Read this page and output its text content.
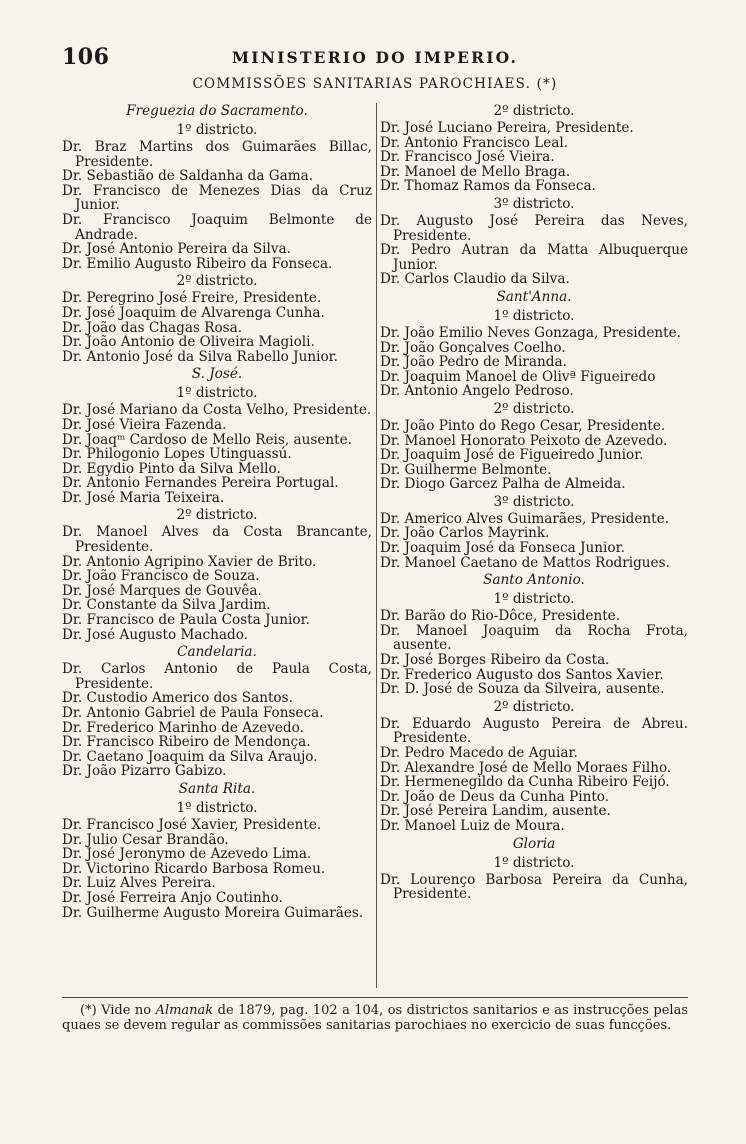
106	MINISTERIO DO IMPERIO.
COMMISSÕES SANITARIAS PAROCHIAES. (*)
Freguezia do Sacramento.
1º districto.
Dr. Braz Martins dos Guimarães Billac, Presidente.
Dr. Sebastião de Saldanha da Gama.
Dr. Francisco de Menezes Dias da Cruz Junior.
Dr. Francisco Joaquim Belmonte de Andrade.
Dr. José Antonio Pereira da Silva.
Dr. Emilio Augusto Ribeiro da Fonseca.
2º districto.
Dr. Peregrino José Freire, Presidente.
Dr. José Joaquim de Alvarenga Cunha.
Dr. João das Chagas Rosa.
Dr. João Antonio de Oliveira Magioli.
Dr. Antonio José da Silva Rabello Junior.
S. José.
1º districto.
Dr. José Mariano da Costa Velho, Presidente.
Dr. José Vieira Fazenda.
Dr. Joaqᵐ Cardoso de Mello Reis, ausente.
Dr. Philogonio Lopes Utinguassú.
Dr. Egydio Pinto da Silva Mello.
Dr. Antonio Fernandes Pereira Portugal.
Dr. José Maria Teixeira.
2º districto.
Dr. Manoel Alves da Costa Brancante, Presidente.
Dr. Antonio Agripino Xavier de Brito.
Dr. João Francisco de Souza.
Dr. José Marques de Gouvêa.
Dr. Constante da Silva Jardim.
Dr. Francisco de Paula Costa Junior.
Dr. José Augusto Machado.
Candelaria.
Dr. Carlos Antonio de Paula Costa, Presidente.
Dr. Custodio Americo dos Santos.
Dr. Antonio Gabriel de Paula Fonseca.
Dr. Frederico Marinho de Azevedo.
Dr. Francisco Ribeiro de Mendonça.
Dr. Caetano Joaquim da Silva Araujo.
Dr. João Pizarro Gabizo.
Santa Rita.
1º districto.
Dr. Francisco José Xavier, Presidente.
Dr. Julio Cesar Brandão.
Dr. José Jeronymo de Azevedo Lima.
Dr. Victorino Ricardo Barbosa Romeu.
Dr. Luiz Alves Pereira.
Dr. José Ferreira Anjo Coutinho.
Dr. Guilherme Augusto Moreira Guimarães.
2º districto.
Dr. José Luciano Pereira, Presidente.
Dr. Antonio Francisco Leal.
Dr. Francisco José Vieira.
Dr. Manoel de Mello Braga.
Dr. Thomaz Ramos da Fonseca.
3º districto.
Dr. Augusto José Pereira das Neves, Presidente.
Dr. Pedro Autran da Matta Albuquerque Junior.
Dr. Carlos Claudio da Silva.
Sant'Anna.
1º districto.
Dr. João Emilio Neves Gonzaga, Presidente.
Dr. João Gonçalves Coelho.
Dr. João Pedro de Miranda.
Dr. Joaquim Manoel de Olivª Figueiredo
Dr. Antonio Angelo Pedroso.
2º districto.
Dr. João Pinto do Rego Cesar, Presidente.
Dr. Manoel Honorato Peixoto de Azevedo.
Dr. Joaquim José de Figueiredo Junior.
Dr. Guilherme Belmonte.
Dr. Diogo Garcez Palha de Almeida.
3º districto.
Dr. Americo Alves Guimarães, Presidente.
Dr. João Carlos Mayrink.
Dr. Joaquim José da Fonseca Junior.
Dr. Manoel Caetano de Mattos Rodrigues.
Santo Antonio.
1º districto.
Dr. Barão do Rio-Dôce, Presidente.
Dr. Manoel Joaquim da Rocha Frota, ausente.
Dr. José Borges Ribeiro da Costa.
Dr. Frederico Augusto dos Santos Xavier.
Dr. D. José de Souza da Silveira, ausente.
2º districto.
Dr. Eduardo Augusto Pereira de Abreu. Presidente.
Dr. Pedro Macedo de Aguiar.
Dr. Alexandre José de Mello Moraes Filho.
Dr. Hermenegildo da Cunha Ribeiro Feijó.
Dr. João de Deus da Cunha Pinto.
Dr. José Pereira Landim, ausente.
Dr. Manoel Luiz de Moura.
Gloria
1º districto.
Dr. Lourenço Barbosa Pereira da Cunha, Presidente.
(*) Vide no Almanak de 1879, pag. 102 a 104, os districtos sanitarios e as instrucções pelas quaes se devem regular as commissões sanitarias parochiaes no exercicio de suas funcções.
